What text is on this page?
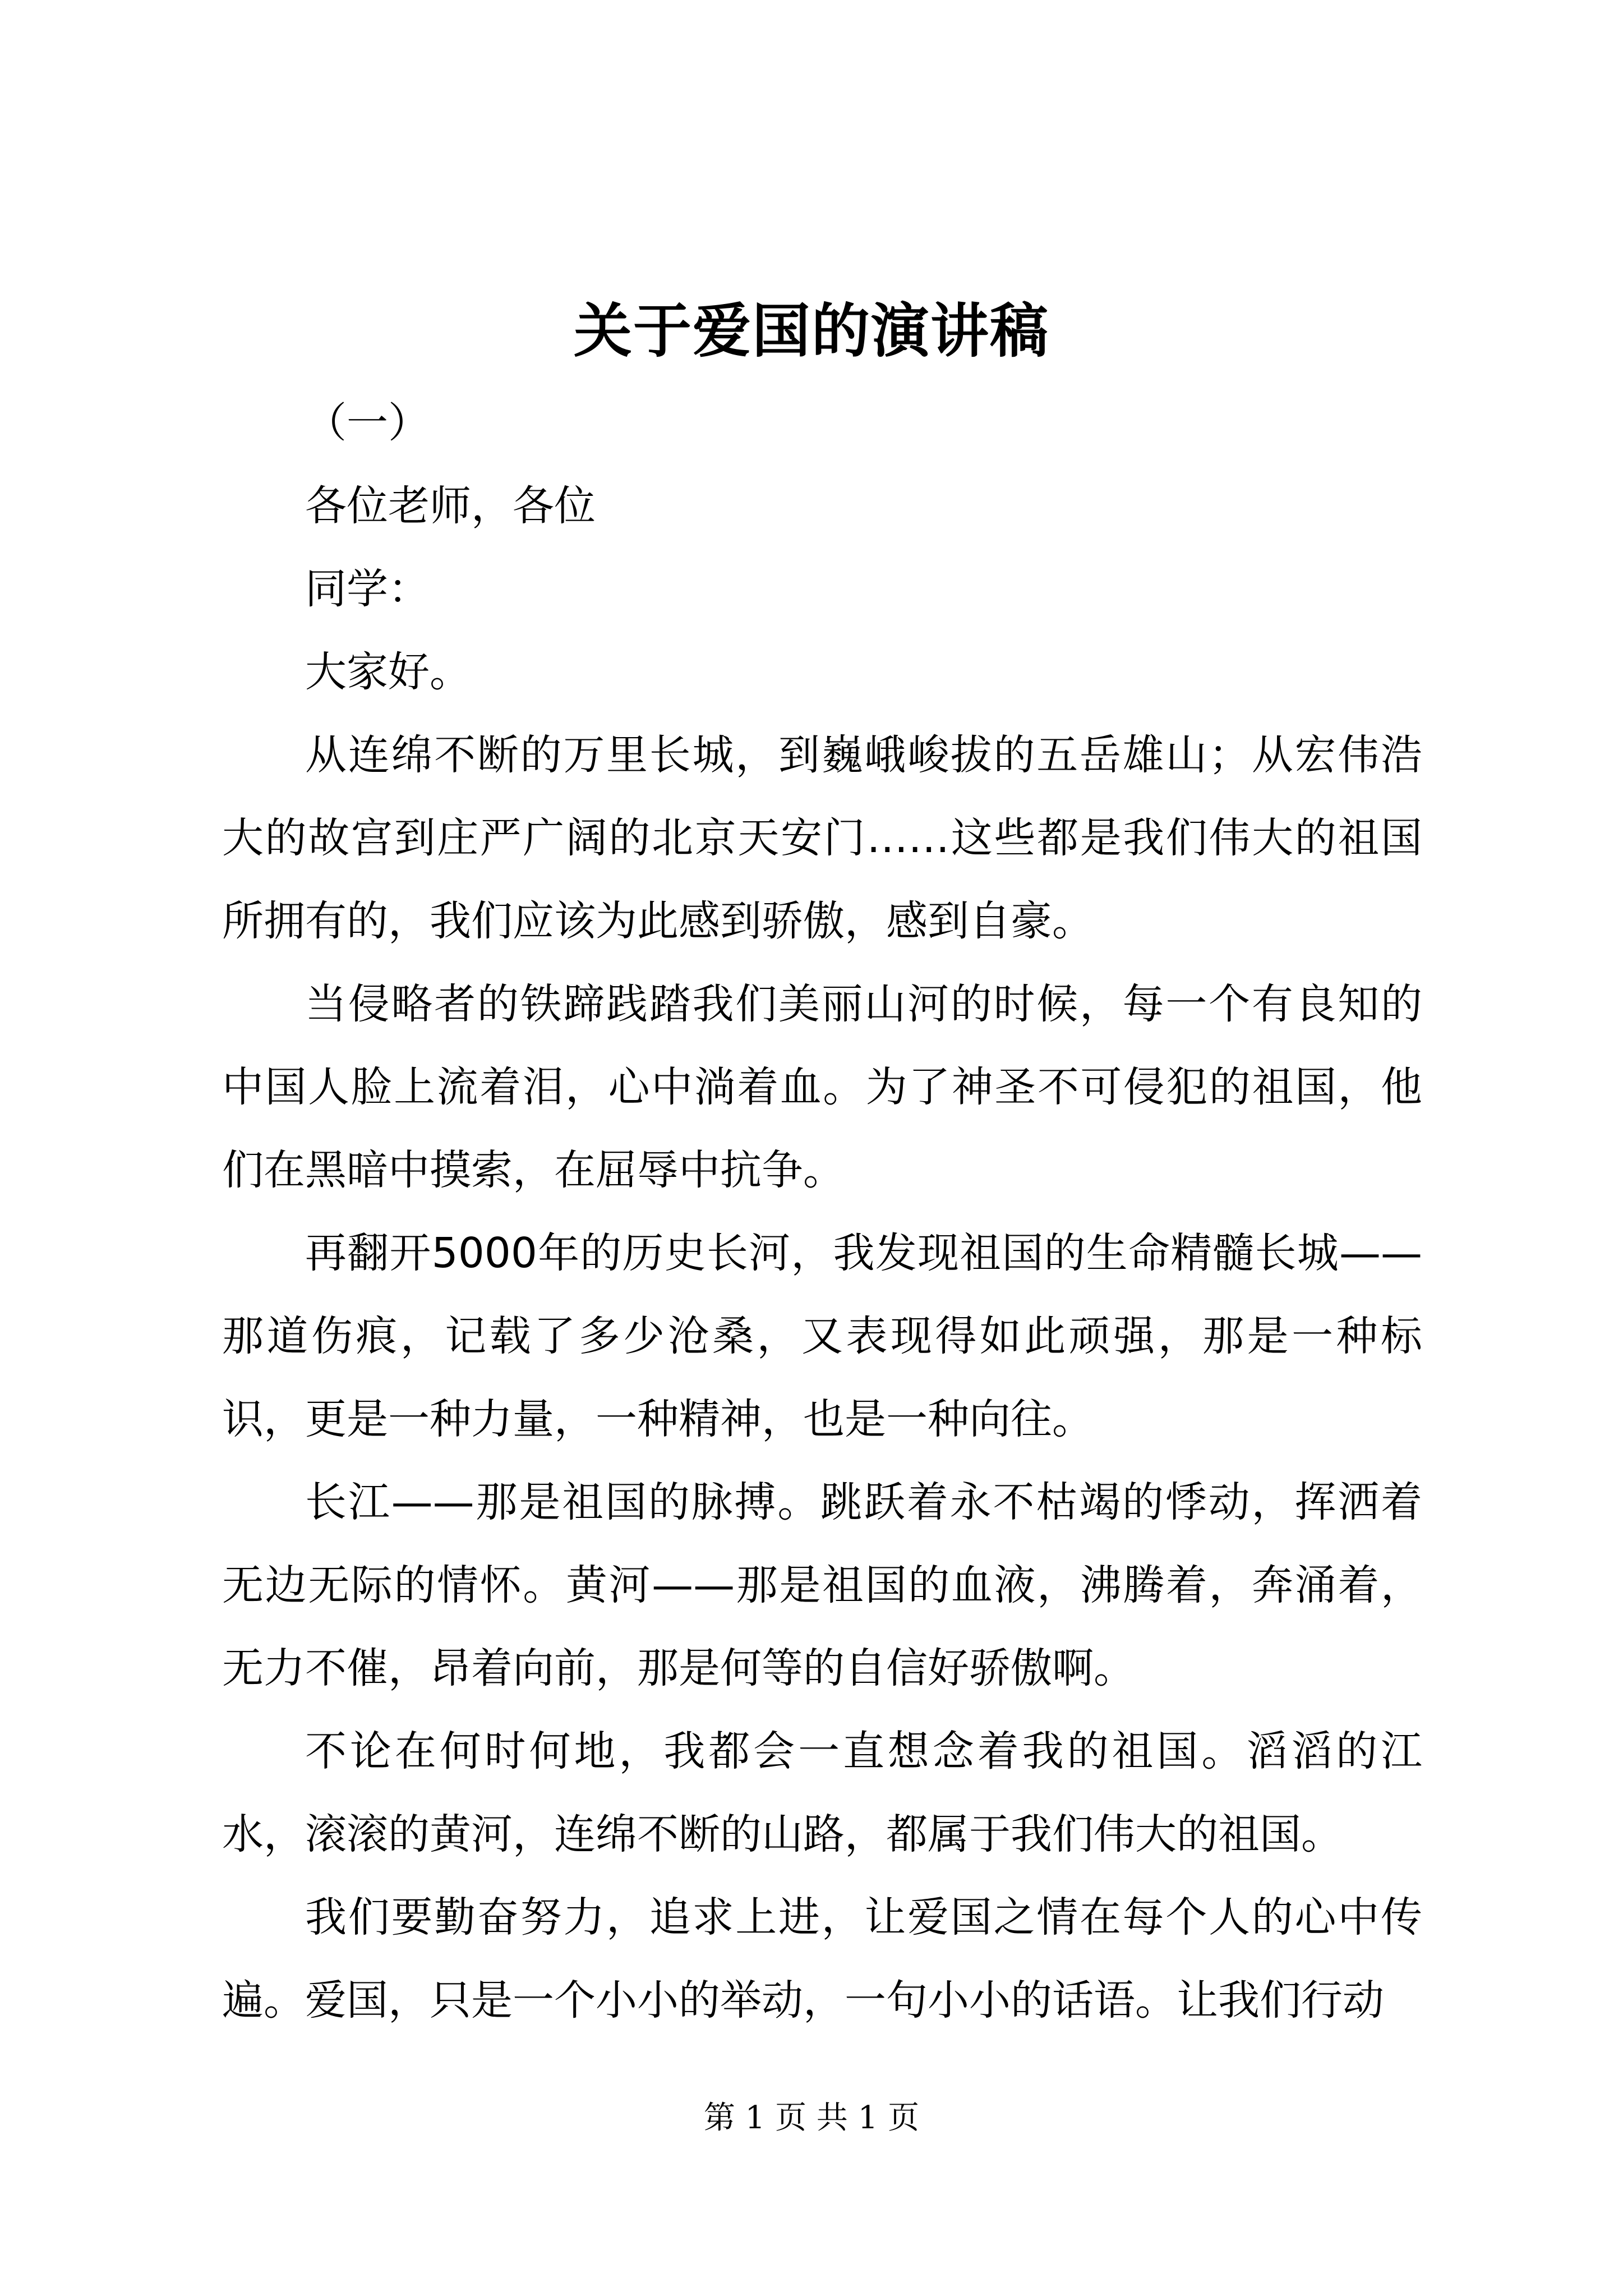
关于爱国的演讲稿

（一）

各位老师，各位

同学：

大家好。

从连绵不断的万里长城，到巍峨峻拔的五岳雄山；从宏伟浩大的故宫到庄严广阔的北京天安门……这些都是我们伟大的祖国所拥有的，我们应该为此感到骄傲，感到自豪。

当侵略者的铁蹄践踏我们美丽山河的时候，每一个有良知的中国人脸上流着泪，心中淌着血。为了神圣不可侵犯的祖国，他们在黑暗中摸索，在屈辱中抗争。

再翻开5000年的历史长河，我发现祖国的生命精髓长城——那道伤痕，记载了多少沧桑，又表现得如此顽强，那是一种标识，更是一种力量，一种精神，也是一种向往。

长江——那是祖国的脉搏。跳跃着永不枯竭的悸动，挥洒着无边无际的情怀。黄河——那是祖国的血液，沸腾着，奔涌着，无力不催，昂着向前，那是何等的自信好骄傲啊。

不论在何时何地，我都会一直想念着我的祖国。滔滔的江水，滚滚的黄河，连绵不断的山路，都属于我们伟大的祖国。

我们要勤奋努力，追求上进，让爱国之情在每个人的心中传遍。爱国，只是一个小小的举动，一句小小的话语。让我们行动

第 1 页 共 1 页
